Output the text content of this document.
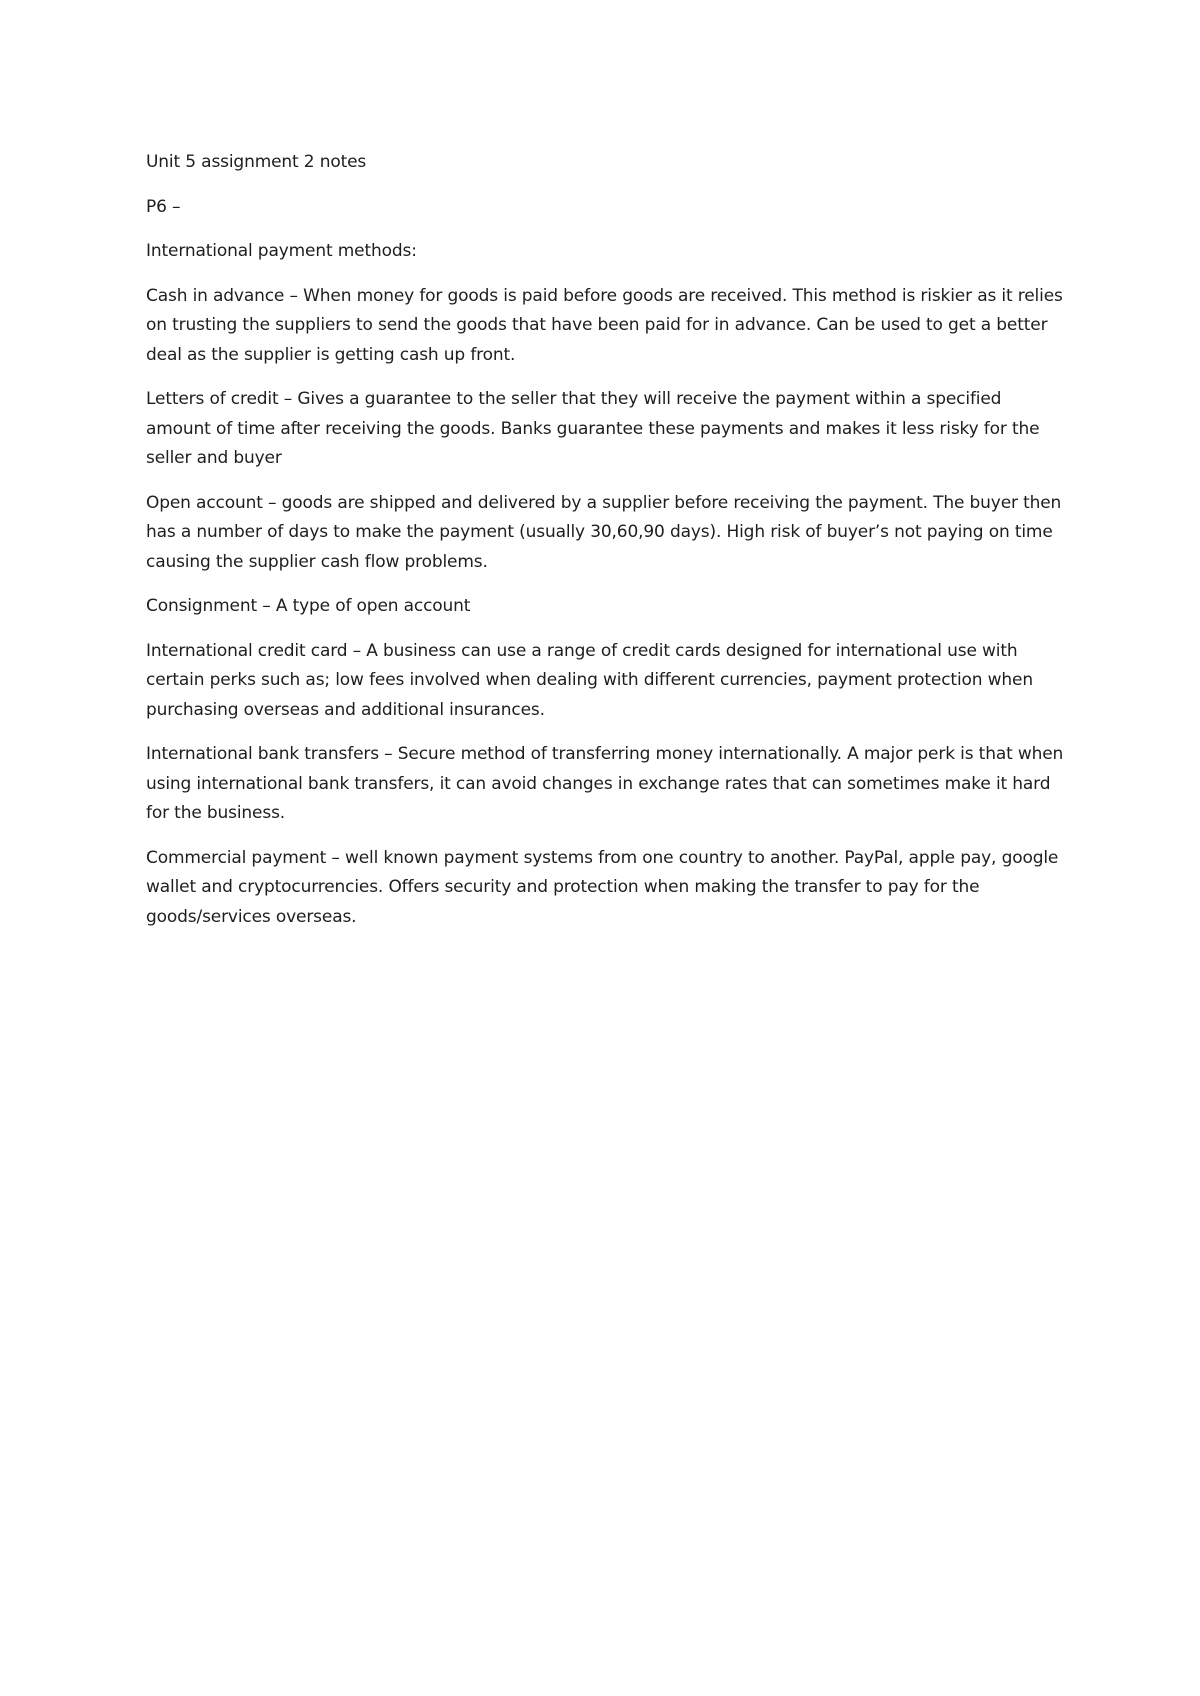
Unit 5 assignment 2 notes

P6 –

International payment methods:

Cash in advance – When money for goods is paid before goods are received. This method is riskier as it relies on trusting the suppliers to send the goods that have been paid for in advance. Can be used to get a better deal as the supplier is getting cash up front.

Letters of credit – Gives a guarantee to the seller that they will receive the payment within a specified amount of time after receiving the goods. Banks guarantee these payments and makes it less risky for the seller and buyer

Open account – goods are shipped and delivered by a supplier before receiving the payment. The buyer then has a number of days to make the payment (usually 30,60,90 days). High risk of buyer’s not paying on time causing the supplier cash flow problems.

Consignment – A type of open account

International credit card – A business can use a range of credit cards designed for international use with certain perks such as; low fees involved when dealing with different currencies, payment protection when purchasing overseas and additional insurances.

International bank transfers – Secure method of transferring money internationally. A major perk is that when using international bank transfers, it can avoid changes in exchange rates that can sometimes make it hard for the business.

Commercial payment – well known payment systems from one country to another. PayPal, apple pay, google wallet and cryptocurrencies. Offers security and protection when making the transfer to pay for the goods/services overseas.
